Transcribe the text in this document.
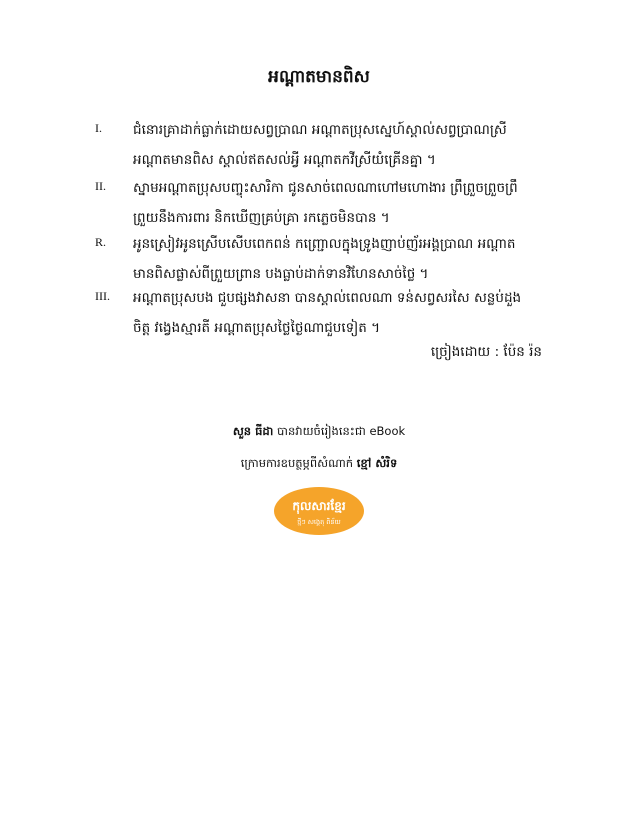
អណ្ដាតមានពិស
I. ជំនោរគ្រាដាក់ធ្លាក់ដោយសព្វប្រាណ អណ្ដាតប្រុសស្នេហ៍ស្គាល់សព្វប្រាណស្រី
អណ្ដាតមានពិស ស្គាល់ឥតសល់អ្វី អណ្ដាតកវីស្រីយំគ្រើនគ្នា ។
II. ស្នាមអណ្ដាតប្រុសបញ្ចុះសារិកា ជូនសាច់ពេលណាហៅមហោងារ ព្រឹព្រួចព្រួចព្រឹ
ព្រួយនឹងការពារ និកឃើញគ្រប់គ្រា រកភ្លេចមិនបាន ។
R. អូនស្រៀវអូនស្រើបសើបពេកពន់ កញ្ជ្រោលក្នុងទ្រូងញាប់ញ័រអង្គប្រាណ អណ្ដាត
មានពិសផ្លាស់ពីព្រួយព្រាន បងធ្លាប់ដាក់ទានវិហែនសាច់ថ្លៃ ។
III. អណ្ដាតប្រុសបង ជួបផ្សងវាសនា បានស្គាល់ពេលណា ទន់សព្វសរសៃ សន្លប់ដួង
ចិត្ត វង្វេងស្មារតី អណ្ដាតប្រុសថ្លៃថ្ងៃណាជួបទៀត ។
ច្រៀងដោយ : ប៉ែន រ៉ន
សួន ធីដា បានវាយចំរៀងនេះជា eBook
ក្រោមការឧបត្ថម្ភពីសំណាក់ ខ្មៅ សំរិទ
កុលសារខ្មែរ
ថ្មីៗ សង្គេតុ ពិន័យ
